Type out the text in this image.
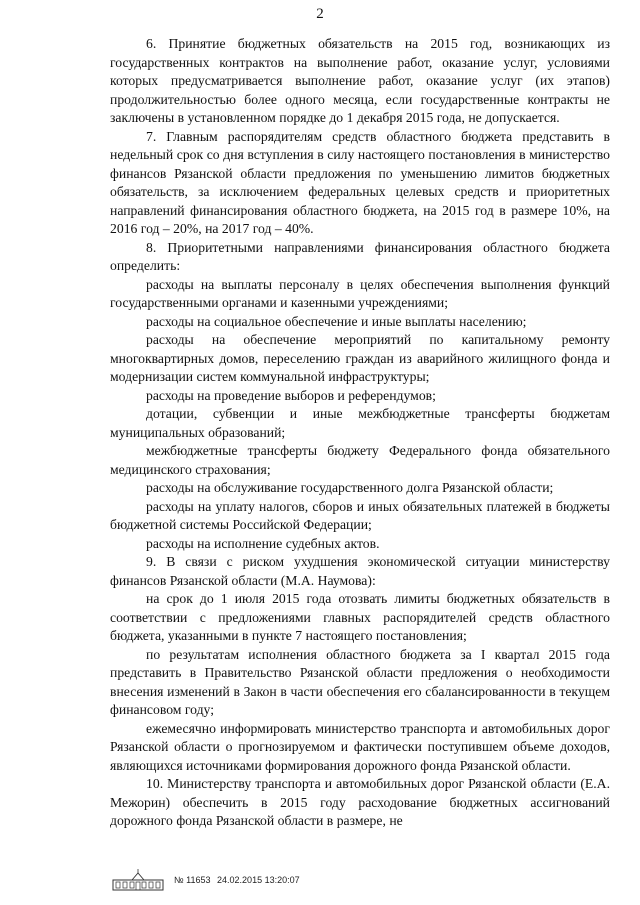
2

6. Принятие бюджетных обязательств на 2015 год, возникающих из государственных контрактов на выполнение работ, оказание услуг, условиями которых предусматривается выполнение работ, оказание услуг (их этапов) продолжительностью более одного месяца, если государственные контракты не заключены в установленном порядке до 1 декабря 2015 года, не допускается.

7. Главным распорядителям средств областного бюджета представить в недельный срок со дня вступления в силу настоящего постановления в министерство финансов Рязанской области предложения по уменьшению лимитов бюджетных обязательств, за исключением федеральных целевых средств и приоритетных направлений финансирования областного бюджета, на 2015 год в размере 10%, на 2016 год – 20%, на 2017 год – 40%.

8. Приоритетными направлениями финансирования областного бюджета определить:

расходы на выплаты персоналу в целях обеспечения выполнения функций государственными органами и казенными учреждениями;

расходы на социальное обеспечение и иные выплаты населению;

расходы на обеспечение мероприятий по капитальному ремонту многоквартирных домов, переселению граждан из аварийного жилищного фонда и модернизации систем коммунальной инфраструктуры;

расходы на проведение выборов и референдумов;

дотации, субвенции и иные межбюджетные трансферты бюджетам муниципальных образований;

межбюджетные трансферты бюджету Федерального фонда обязательного медицинского страхования;

расходы на обслуживание государственного долга Рязанской области;

расходы на уплату налогов, сборов и иных обязательных платежей в бюджеты бюджетной системы Российской Федерации;

расходы на исполнение судебных актов.

9. В связи с риском ухудшения экономической ситуации министерству финансов Рязанской области (М.А. Наумова):

на срок до 1 июля 2015 года отозвать лимиты бюджетных обязательств в соответствии с предложениями главных распорядителей средств областного бюджета, указанными в пункте 7 настоящего постановления;

по результатам исполнения областного бюджета за I квартал 2015 года представить в Правительство Рязанской области предложения о необходимости внесения изменений в Закон в части обеспечения его сбалансированности в текущем финансовом году;

ежемесячно информировать министерство транспорта и автомобильных дорог Рязанской области о прогнозируемом и фактически поступившем объеме доходов, являющихся источниками формирования дорожного фонда Рязанской области.

10. Министерству транспорта и автомобильных дорог Рязанской области (Е.А. Межорин) обеспечить в 2015 году расходование бюджетных ассигнований дорожного фонда Рязанской области в размере, не

№ 11653 24.02.2015 13:20:07
